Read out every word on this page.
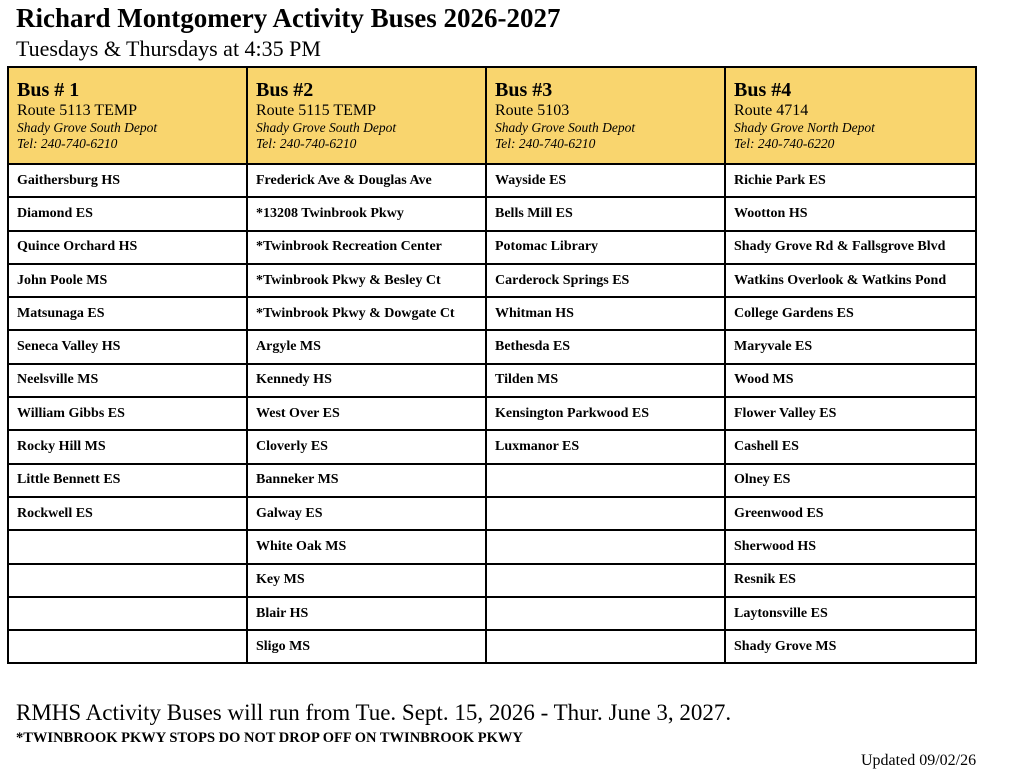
Richard Montgomery Activity Buses 2026-2027
Tuesdays & Thursdays at 4:35 PM
Bus # 1
Route 5113 TEMP
Shady Grove South Depot
Tel: 240-740-6210	Bus #2
Route 5115 TEMP
Shady Grove South Depot
Tel: 240-740-6210	Bus #3
Route 5103
Shady Grove South Depot
Tel: 240-740-6210	Bus #4
Route 4714
Shady Grove North Depot
Tel: 240-740-6220

Gaithersburg HS	Frederick Ave & Douglas Ave	Wayside ES	Richie Park ES
Diamond ES	*13208 Twinbrook Pkwy	Bells Mill ES	Wootton HS
Quince Orchard HS	*Twinbrook Recreation Center	Potomac Library	Shady Grove Rd & Fallsgrove Blvd
John Poole MS	*Twinbrook Pkwy & Besley Ct	Carderock Springs ES	Watkins Overlook & Watkins Pond
Matsunaga ES	*Twinbrook Pkwy & Dowgate Ct	Whitman HS	College Gardens ES
Seneca Valley HS	Argyle MS	Bethesda ES	Maryvale ES
Neelsville MS	Kennedy HS	Tilden MS	Wood MS
William Gibbs ES	West Over ES	Kensington Parkwood ES	Flower Valley ES
Rocky Hill MS	Cloverly ES	Luxmanor ES	Cashell ES
Little Bennett ES	Banneker MS		Olney ES
Rockwell ES	Galway ES		Greenwood ES
	White Oak MS		Sherwood HS
	Key MS		Resnik ES
	Blair HS		Laytonsville ES
	Sligo MS		Shady Grove MS
RMHS Activity Buses will run from Tue. Sept. 15, 2026 - Thur. June 3, 2027.
*TWINBROOK PKWY STOPS DO NOT DROP OFF ON TWINBROOK PKWY
Updated 09/02/26
